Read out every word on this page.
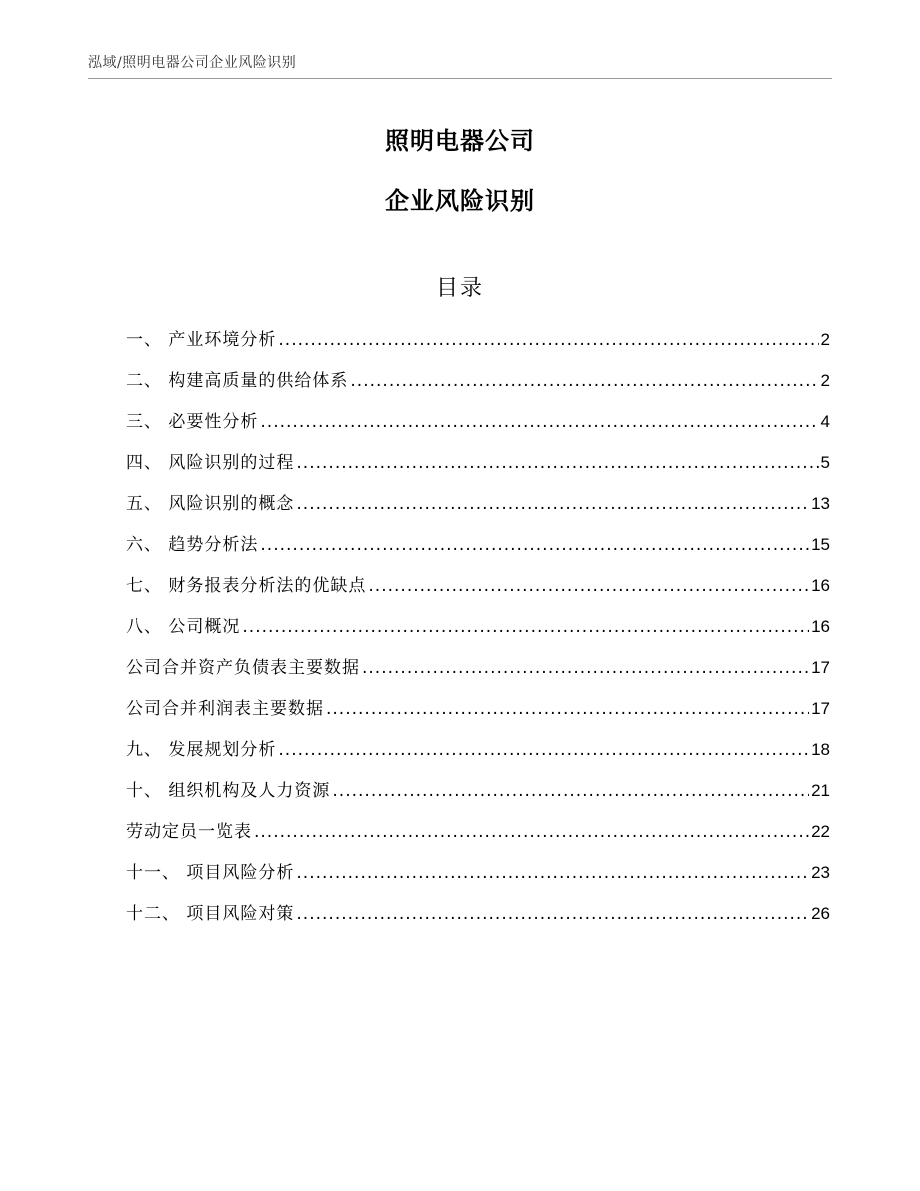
泓域/照明电器公司企业风险识别
照明电器公司
企业风险识别
目录
一、 产业环境分析 .....	2
二、 构建高质量的供给体系 .....	2
三、 必要性分析 .....	4
四、 风险识别的过程 .....	5
五、 风险识别的概念 .....	13
六、 趋势分析法 .....	15
七、 财务报表分析法的优缺点 .....	16
八、 公司概况 .....	16
公司合并资产负债表主要数据 .....	17
公司合并利润表主要数据 .....	17
九、 发展规划分析 .....	18
十、 组织机构及人力资源 .....	21
劳动定员一览表 .....	22
十一、 项目风险分析 .....	23
十二、 项目风险对策 .....	26
